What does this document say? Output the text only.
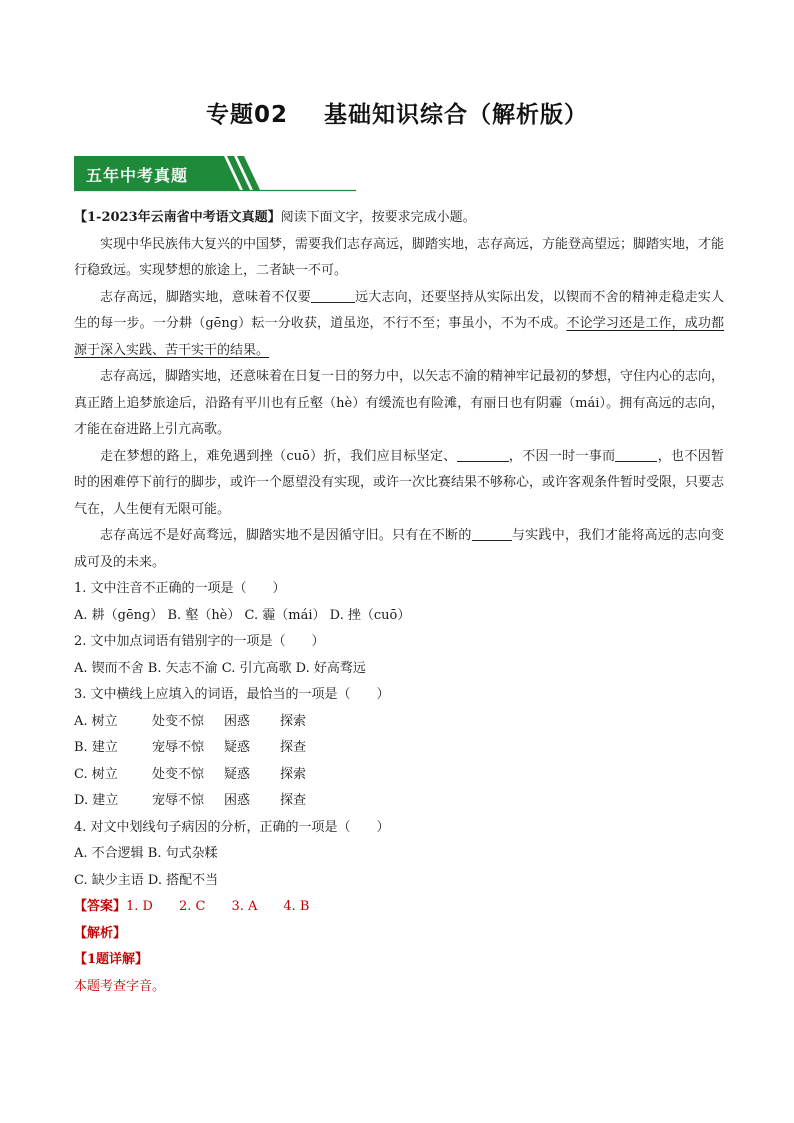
专题02 基础知识综合（解析版）
五年中考真题

【1-2023年云南省中考语文真题】阅读下面文字，按要求完成小题。

实现中华民族伟大复兴的中国梦，需要我们志存高远，脚踏实地，志存高远，方能登高望远；脚踏实地，才能行稳致远。实现梦想的旅途上，二者缺一不可。

志存高远，脚踏实地，意味着不仅要	远大志向，还要坚持从实际出发，以锲而不舍的精神走稳走实人生的每一步。一分耕（gēng）耘一分收获，道虽迩，不行不至；事虽小，不为不成。不论学习还是工作，成功都源于深入实践、苦干实干的结果。

志存高远，脚踏实地，还意味着在日复一日的努力中，以矢志不渝的精神牢记最初的梦想，守住内心的志向，真正踏上追梦旅途后，沿路有平川也有丘壑（hè）有缓流也有险滩，有丽日也有阴霾（mái）。拥有高远的志向，才能在奋进路上引亢高歌。

走在梦想的路上，难免遇到挫（cuō）折，我们应目标坚定、	，不因一时一事而	，也不因暂时的困难停下前行的脚步，或许一个愿望没有实现，或许一次比赛结果不够称心，或许客观条件暂时受限，只要志气在，人生便有无限可能。

志存高远不是好高骛远，脚踏实地不是因循守旧。只有在不断的	与实践中，我们才能将高远的志向变成可及的未来。

1. 文中注音不正确的一项是（　　）

A. 耕（gēng） B. 壑（hè） C. 霾（mái） D. 挫（cuō）

2. 文中加点词语有错别字的一项是（　　）

A. 锲而不舍 B. 矢志不渝 C. 引亢高歌 D. 好高骛远

3. 文中横线上应填入的词语，最恰当的一项是（　　）

A. 树立	处变不惊 困惑 探索

B. 建立	宠辱不惊 疑惑 探查

C. 树立	处变不惊 疑惑 探索

D. 建立	宠辱不惊 困惑 探查

4. 对文中划线句子病因的分析，正确的一项是（　　）

A. 不合逻辑 B. 句式杂糅

C. 缺少主语 D. 搭配不当

【答案】1. D　　2. C　　3. A　　4. B

【解析】

【1题详解】

本题考查字音。
